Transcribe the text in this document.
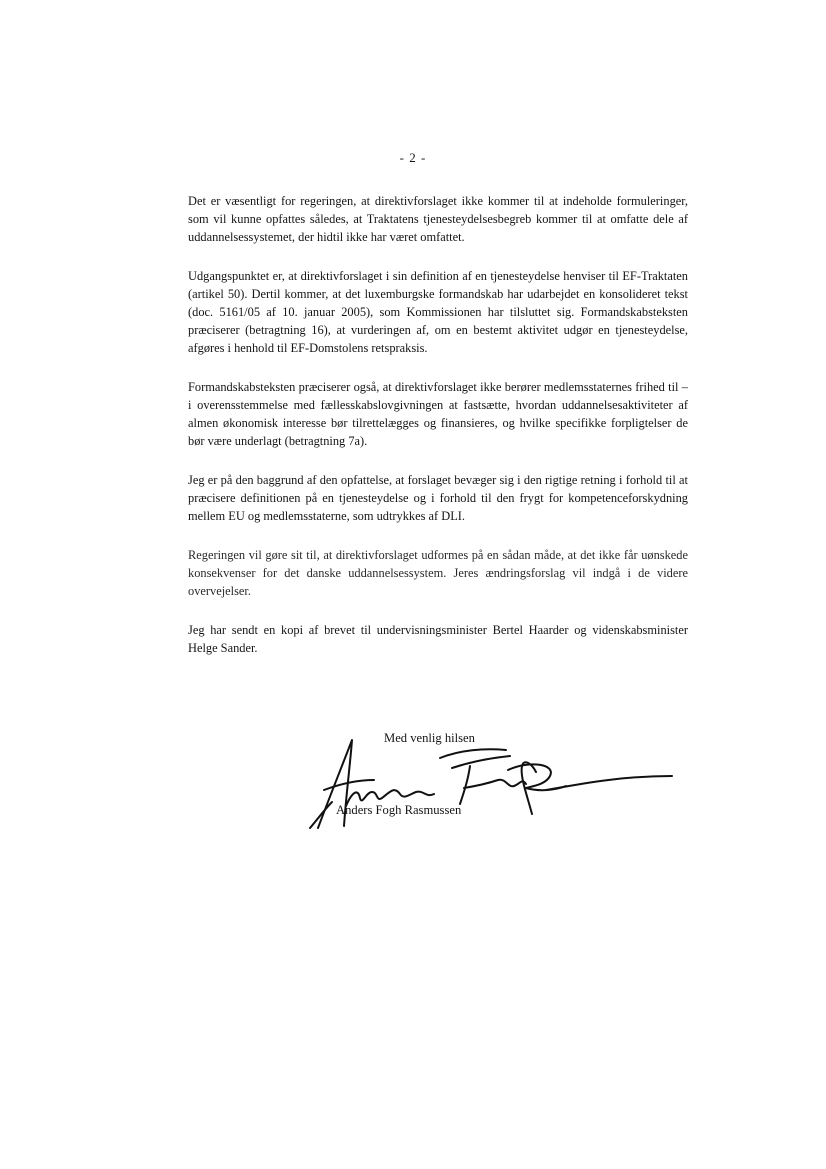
- 2 -

Det er væsentligt for regeringen, at direktivforslaget ikke kommer til at indeholde formuleringer, som vil kunne opfattes således, at Traktatens tjenesteydelsesbegreb kommer til at omfatte dele af uddannelsessystemet, der hidtil ikke har været omfattet.

Udgangspunktet er, at direktivforslaget i sin definition af en tjenesteydelse henviser til EF-Traktaten (artikel 50). Dertil kommer, at det luxemburgske formandskab har udarbejdet en konsolideret tekst (doc. 5161/05 af 10. januar 2005), som Kommissionen har tilsluttet sig. Formandskabsteksten præciserer (betragtning 16), at vurderingen af, om en bestemt aktivitet udgør en tjenesteydelse, afgøres i henhold til EF-Domstolens retspraksis.

Formandskabsteksten præciserer også, at direktivforslaget ikke berører medlemsstaternes frihed til – i overensstemmelse med fællesskabslovgivningen at fastsætte, hvordan uddannelsesaktiviteter af almen økonomisk interesse bør tilrettelægges og finansieres, og hvilke specifikke forpligtelser de bør være underlagt (betragtning 7a).

Jeg er på den baggrund af den opfattelse, at forslaget bevæger sig i den rigtige retning i forhold til at præcisere definitionen på en tjenesteydelse og i forhold til den frygt for kompetenceforskydning mellem EU og medlemsstaterne, som udtrykkes af DLI.

Regeringen vil gøre sit til, at direktivforslaget udformes på en sådan måde, at det ikke får uønskede konsekvenser for det danske uddannelsessystem. Jeres ændringsforslag vil indgå i de videre overvejelser.

Jeg har sendt en kopi af brevet til undervisningsminister Bertel Haarder og videnskabsminister Helge Sander.

Med venlig hilsen
Anders Fogh Rasmussen
